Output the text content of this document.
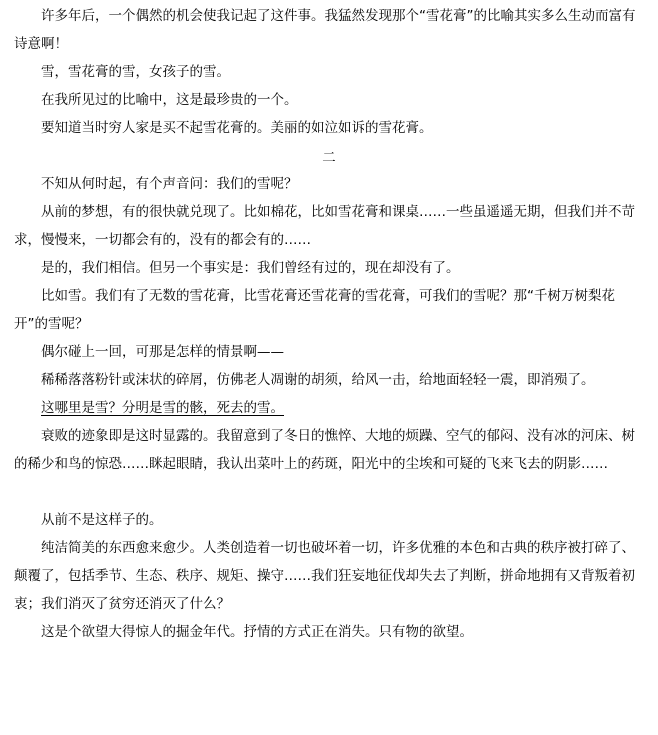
许多年后，一个偶然的机会使我记起了这件事。我猛然发现那个“雪花膏”的比喻其实多么生动而富有诗意啊！

雪，雪花膏的雪，女孩子的雪。

在我所见过的比喻中，这是最珍贵的一个。

要知道当时穷人家是买不起雪花膏的。美丽的如泣如诉的雪花膏。

二

不知从何时起，有个声音问：我们的雪呢？

从前的梦想，有的很快就兑现了。比如棉花，比如雪花膏和课桌……一些虽遥遥无期，但我们并不苛求，慢慢来，一切都会有的，没有的都会有的……

是的，我们相信。但另一个事实是：我们曾经有过的，现在却没有了。

比如雪。我们有了无数的雪花膏，比雪花膏还雪花膏的雪花膏，可我们的雪呢？那“千树万树梨花开”的雪呢？

偶尔碰上一回，可那是怎样的情景啊——

稀稀落落粉针或沫状的碎屑，仿佛老人凋谢的胡须，给风一击，给地面轻轻一震，即消殒了。

这哪里是雪？分明是雪的骸，死去的雪。

衰败的迹象即是这时显露的。我留意到了冬日的憔悴、大地的烦躁、空气的郁闷、没有冰的河床、树的稀少和鸟的惊恐……眯起眼睛，我认出菜叶上的药斑，阳光中的尘埃和可疑的飞来飞去的阴影……

从前不是这样子的。

纯洁简美的东西愈来愈少。人类创造着一切也破坏着一切，许多优雅的本色和古典的秩序被打碎了、颠覆了，包括季节、生态、秩序、规矩、操守……我们狂妄地征伐却失去了判断，拼命地拥有又背叛着初衷；我们消灭了贫穷还消灭了什么？

这是个欲望大得惊人的掘金年代。抒情的方式正在消失。只有物的欲望。
